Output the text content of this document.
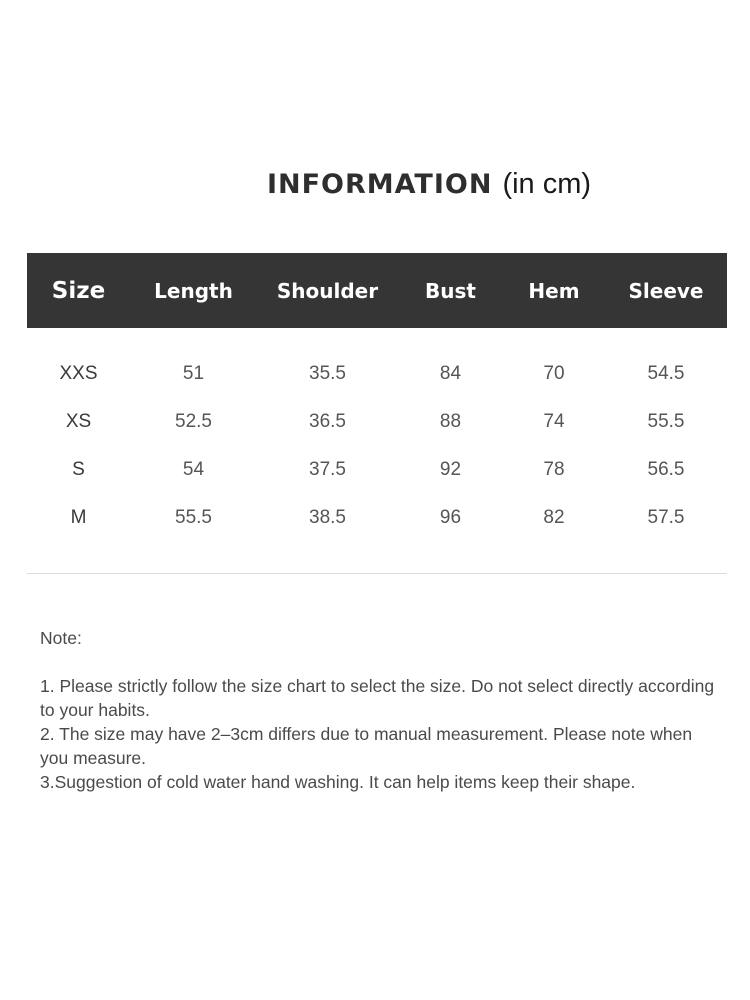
INFORMATION (in cm)
Size	Length	Shoulder	Bust	Hem	Sleeve

XXS	51	35.5	84	70	54.5
XS	52.5	36.5	88	74	55.5
S	54	37.5	92	78	56.5
M	55.5	38.5	96	82	57.5

Note:

1. Please strictly follow the size chart to select the size. Do not select directly according to your habits.

2. The size may have 2–3cm differs due to manual measurement. Please note when you measure.

3.Suggestion of cold water hand washing. It can help items keep their shape.
